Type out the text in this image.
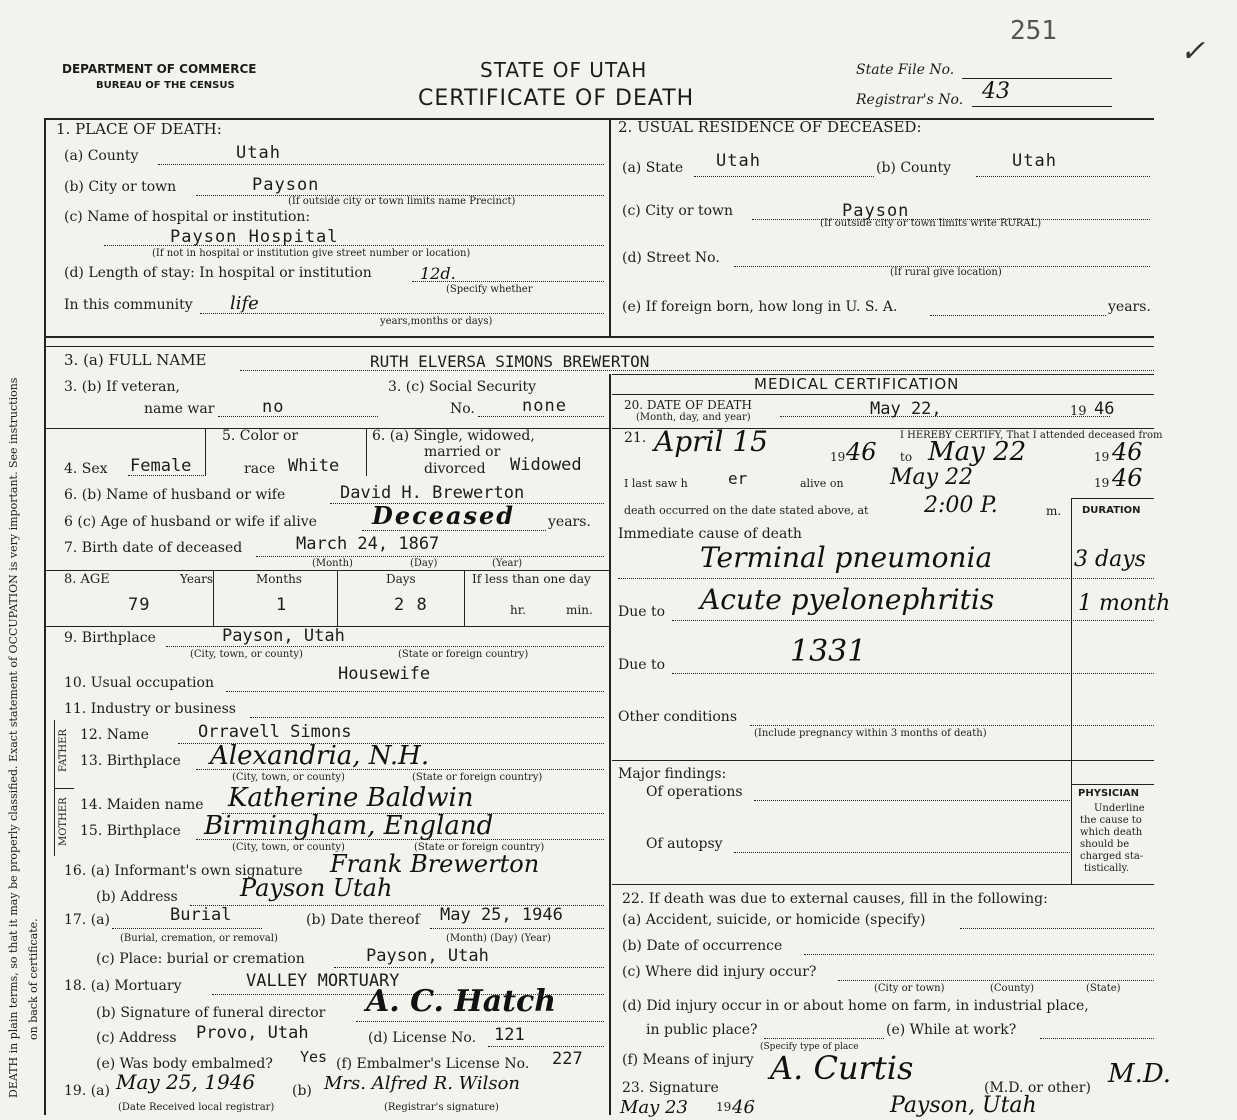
DEATH in plain terms, so that it may be properly classified. Exact statement of OCCUPATION is very important. See instructions on back of certificate.
DEPARTMENT OF COMMERCE
BUREAU OF THE CENSUS
STATE OF UTAH
CERTIFICATE OF DEATH
State File No.
Registrar's No. 43
251
✓
1. PLACE OF DEATH:
(a) County	Utah
(b) City or town	Payson
(If outside city or town limits name Precinct)
(c) Name of hospital or institution:
Payson Hospital
(If not in hospital or institution give street number or location)
(d) Length of stay: In hospital or institution	12d.
(Specify whether
In this community life
years,months or days)
2. USUAL RESIDENCE OF DECEASED:
(a) State Utah	(b) County	Utah
(c) City or town	Payson
(If outside city or town limits write RURAL)
(d) Street No.
(If rural give location)
(e) If foreign born, how long in U. S. A.	years.
3. (a) FULL NAME	RUTH ELVERSA SIMONS BREWERTON
3. (b) If veteran,
name war	no
3. (c) Social Security
No.	none
5. Color or
4. Sex Female	race White
6. (a) Single, widowed,
married or
divorced Widowed
6. (b) Name of husband or wife	David H. Brewerton
6 (c) Age of husband or wife if alive Deceased years.
7. Birth date of deceased	March 24, 1867
(Month)	(Day)	(Year)
8. AGE	Years	Months	Days	If less than one day
79	1	2 8	hr.	min.
9. Birthplace	Payson, Utah
(City, town, or county)	(State or foreign country)
10. Usual occupation	Housewife
11. Industry or business
FATHER
MOTHER
12. Name	Orravell Simons
13. Birthplace Alexandria, N.H.
(City, town, or county)	(State or foreign country)
14. Maiden name Katherine Baldwin
15. Birthplace Birmingham, England
(City, town, or county)	(State or foreign country)
16. (a) Informant's own signature Frank Brewerton
(b) Address	Payson Utah
17. (a)	Burial	(b) Date thereof May 25, 1946
(Burial, cremation, or removal)	(Month) (Day) (Year)
(c) Place: burial or cremation	Payson, Utah
18. (a) Mortuary	VALLEY MORTUARY
(b) Signature of funeral director A. C. Hatch
(c) Address Provo, Utah	(d) License No. 121
(e) Was body embalmed? Yes (f) Embalmer's License No. 227
19. (a) May 25, 1946	(b) Mrs. Alfred R. Wilson
(Date Received local registrar)	(Registrar's signature)
MEDICAL CERTIFICATION
20. DATE OF DEATH
(Month, day, and year)	May 22,	19 46
21. April 15	19 46
I HEREBY CERTIFY, That I attended deceased from
to May 22	19 46
I last saw h	er	alive on May 22	19 46
death occurred on the date stated above, at	2:00 P.	m. DURATION
Immediate cause of death
Terminal pneumonia	3 days
Due to Acute pyelonephritis	1 month
Due to	1331
Other conditions
(Include pregnancy within 3 months of death)
Major findings:
Of operations
Of autopsy
PHYSICIAN
Underline
the cause to
which death
should be
charged sta-
tistically.
22. If death was due to external causes, fill in the following:
(a) Accident, suicide, or homicide (specify)
(b) Date of occurrence
(c) Where did injury occur?
(City or town)	(County)	(State)
(d) Did injury occur in or about home on farm, in industrial place,
in public place?	(e) While at work?
(Specify type of place
(f) Means of injury
23. Signature
A. Curtis
(M.D. or other) M.D.
May 23 19 46	Payson, Utah
